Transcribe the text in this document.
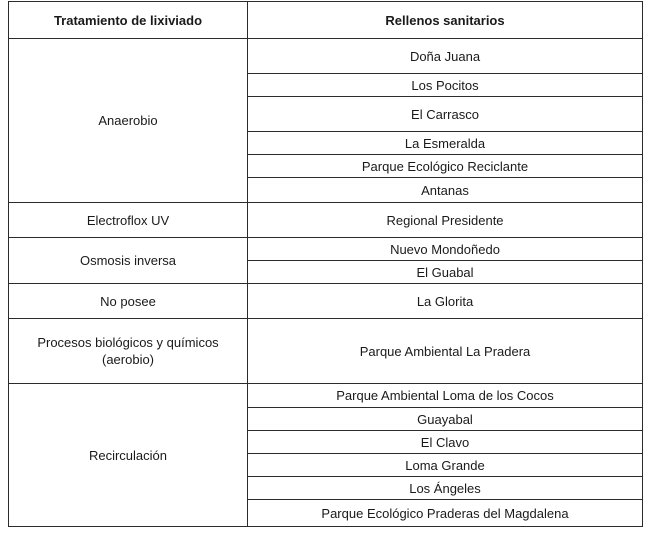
Tratamiento de lixiviado	Rellenos sanitarios
Anaerobio	Doña Juana
	Los Pocitos
	El Carrasco
	La Esmeralda
	Parque Ecológico Reciclante
	Antanas
Electroflox UV	Regional Presidente
Osmosis inversa	Nuevo Mondoñedo
	El Guabal
No posee	La Glorita
Procesos biológicos y químicos (aerobio)	Parque Ambiental La Pradera
Recirculación	Parque Ambiental Loma de los Cocos
	Guayabal
	El Clavo
	Loma Grande
	Los Ángeles
	Parque Ecológico Praderas del Magdalena
